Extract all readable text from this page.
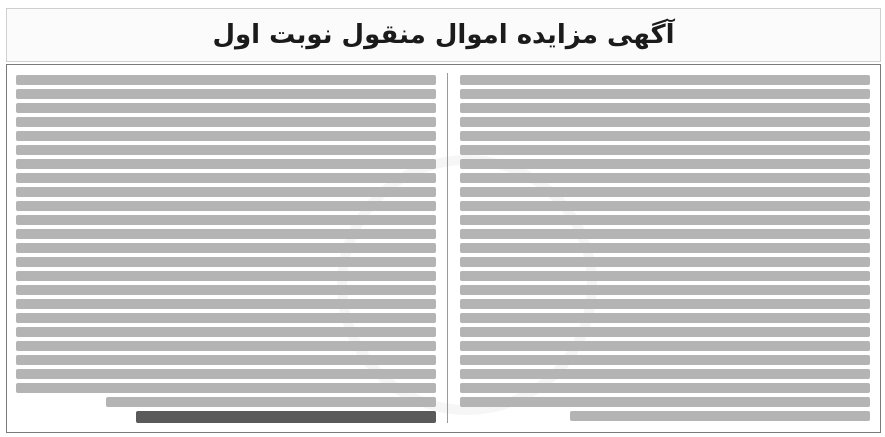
آگهی مزایده اموال منقول نوبت اول
